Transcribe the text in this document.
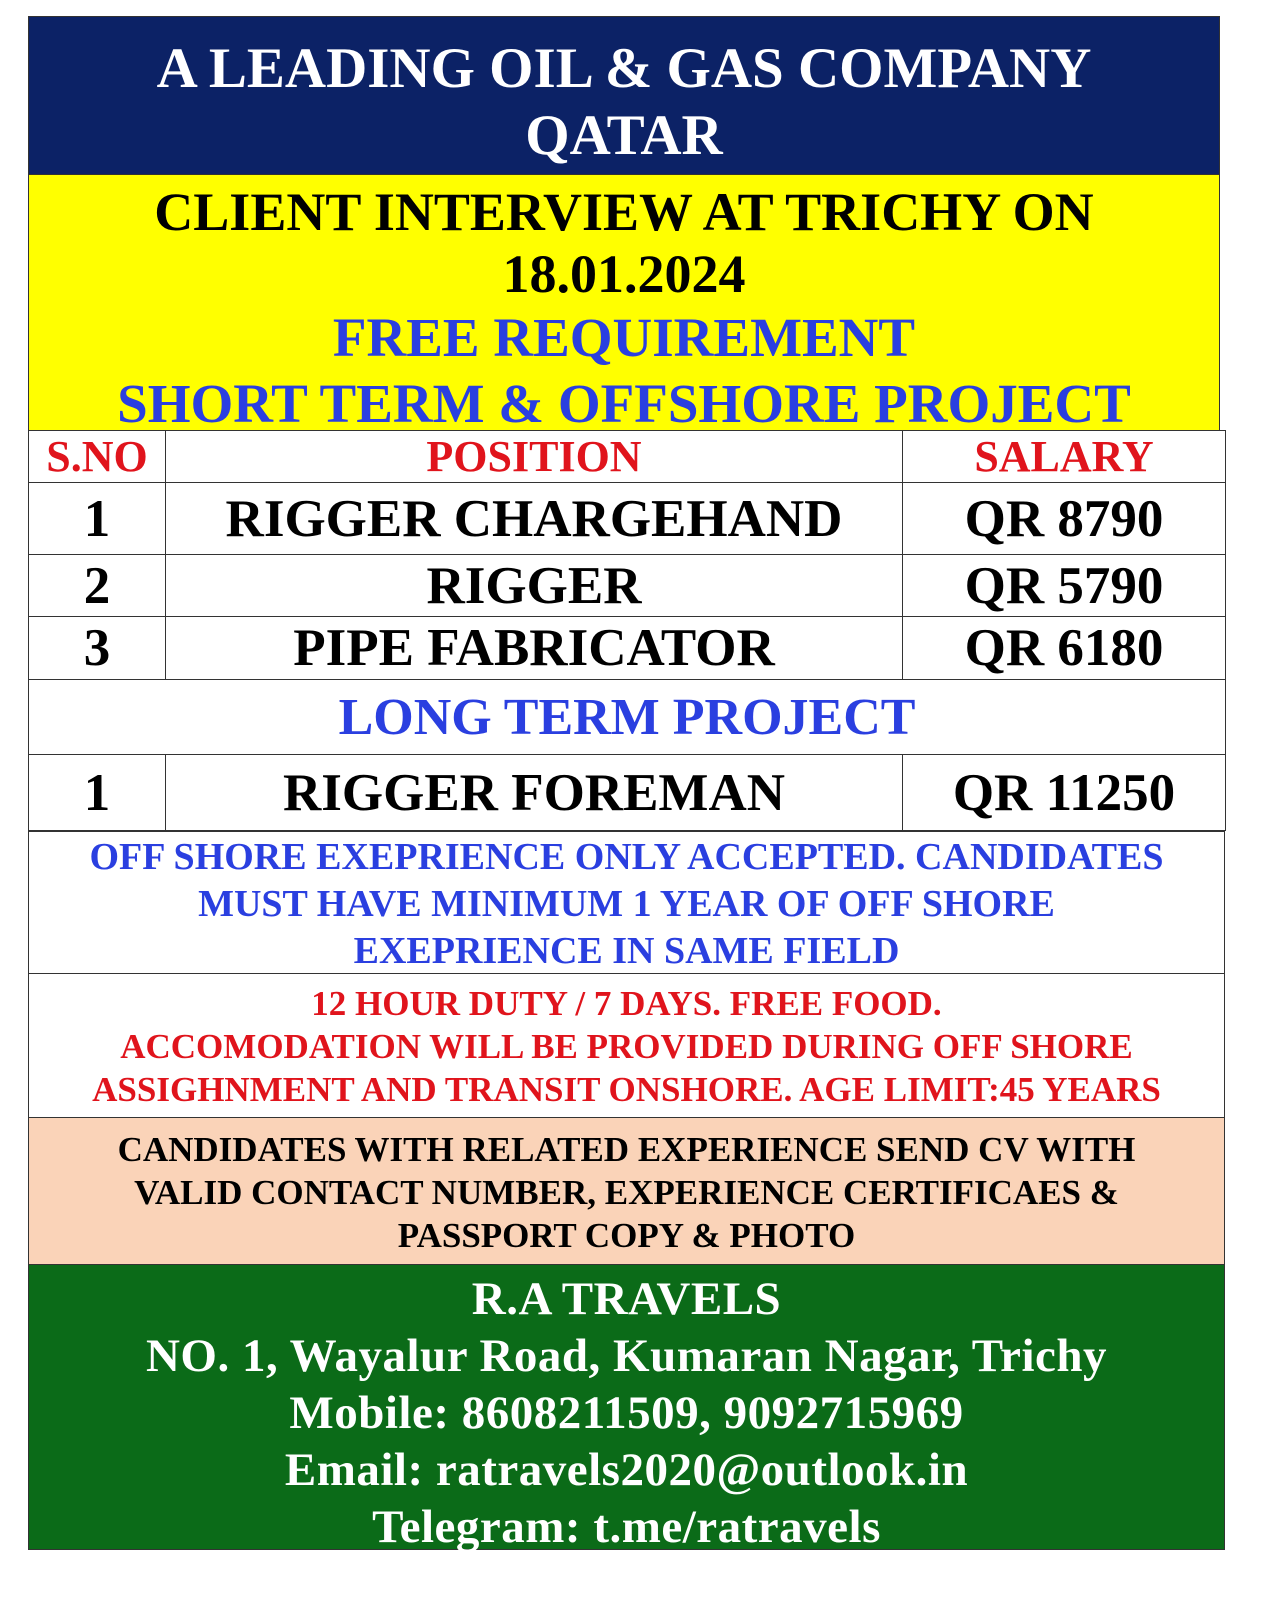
A LEADING OIL & GAS COMPANY
QATAR
CLIENT INTERVIEW AT TRICHY ON
18.01.2024
FREE REQUIREMENT
SHORT TERM & OFFSHORE PROJECT
S.NO	POSITION	SALARY
1	RIGGER CHARGEHAND	QR 8790
2	RIGGER	QR 5790
3	PIPE FABRICATOR	QR 6180
LONG TERM PROJECT		
1	RIGGER FOREMAN	QR 11250
OFF SHORE EXEPRIENCE ONLY ACCEPTED. CANDIDATES
MUST HAVE MINIMUM 1 YEAR OF OFF SHORE
EXEPRIENCE IN SAME FIELD
12 HOUR DUTY / 7 DAYS. FREE FOOD.
ACCOMODATION WILL BE PROVIDED DURING OFF SHORE
ASSIGHNMENT AND TRANSIT ONSHORE. AGE LIMIT:45 YEARS
CANDIDATES WITH RELATED EXPERIENCE SEND CV WITH
VALID CONTACT NUMBER, EXPERIENCE CERTIFICAES &
PASSPORT COPY & PHOTO
R.A TRAVELS
NO. 1, Wayalur Road, Kumaran Nagar, Trichy
Mobile: 8608211509, 9092715969
Email: ratravels2020@outlook.in
Telegram: t.me/ratravels
